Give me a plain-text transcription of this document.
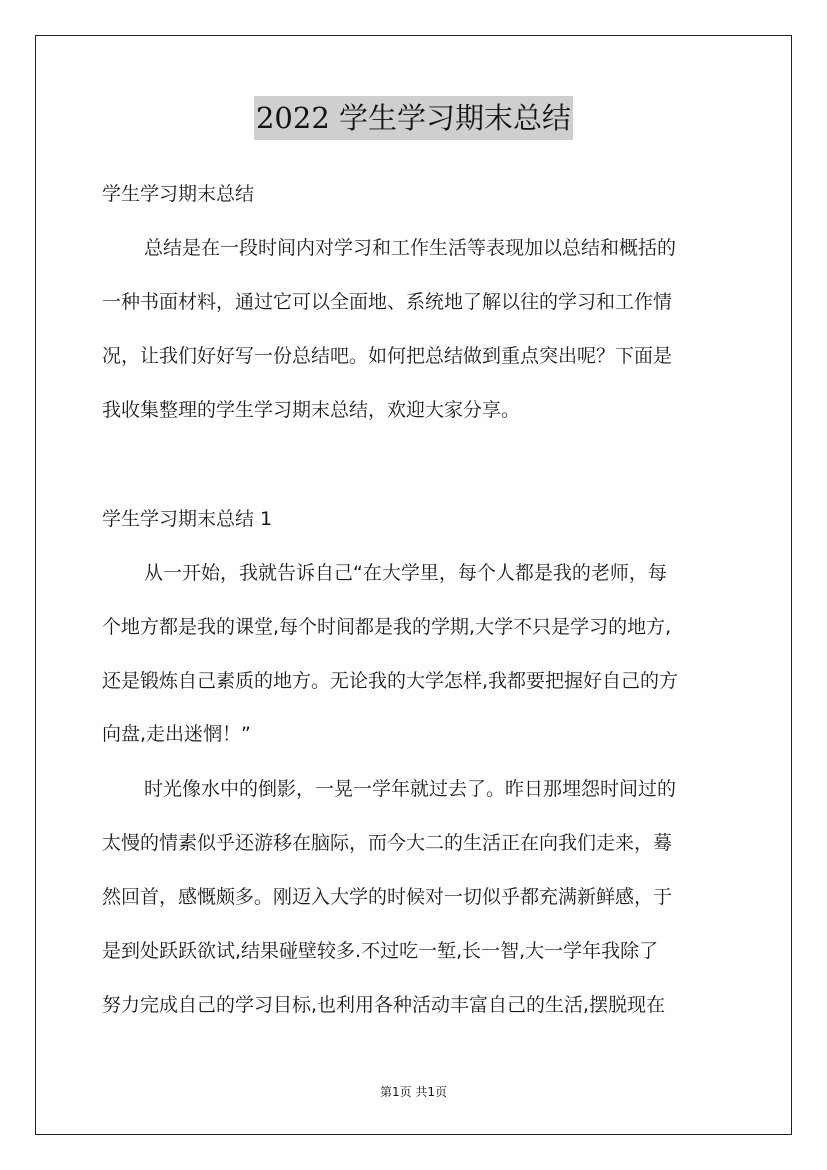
2022 学生学习期末总结
学生学习期末总结
总结是在一段时间内对学习和工作生活等表现加以总结和概括的
一种书面材料，通过它可以全面地、系统地了解以往的学习和工作情
况，让我们好好写一份总结吧。如何把总结做到重点突出呢？下面是
我收集整理的学生学习期末总结，欢迎大家分享。
学生学习期末总结 1
从一开始，我就告诉自己“在大学里，每个人都是我的老师，每
个地方都是我的课堂,每个时间都是我的学期,大学不只是学习的地方,
还是锻炼自己素质的地方。无论我的大学怎样,我都要把握好自己的方
向盘,走出迷惘！”
时光像水中的倒影，一晃一学年就过去了。昨日那埋怨时间过的
太慢的情素似乎还游移在脑际，而今大二的生活正在向我们走来，蓦
然回首，感慨颇多。刚迈入大学的时候对一切似乎都充满新鲜感，于
是到处跃跃欲试,结果碰壁较多.不过吃一堑,长一智,大一学年我除了
努力完成自己的学习目标,也利用各种活动丰富自己的生活,摆脱现在
第1页 共1页
